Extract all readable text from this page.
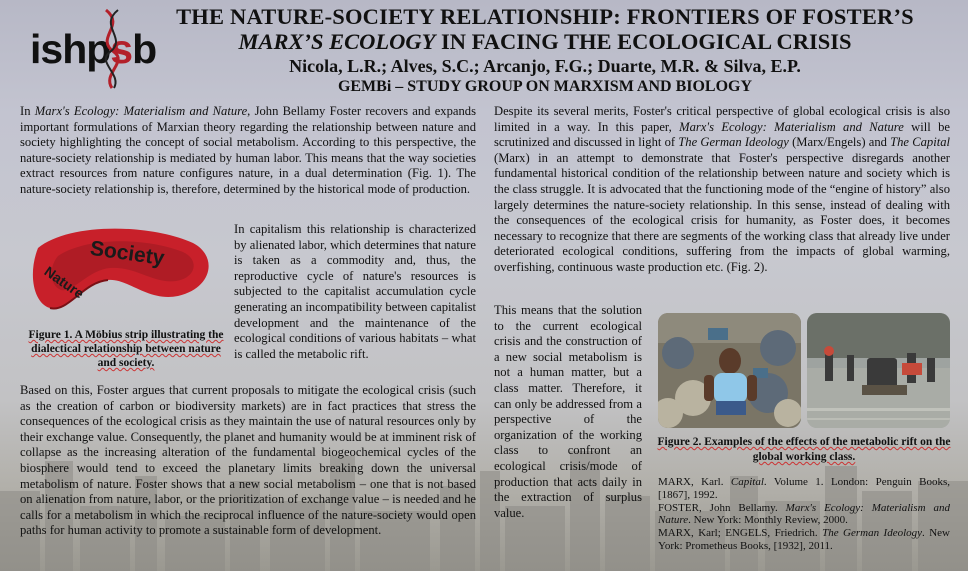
ishpsb
THE NATURE-SOCIETY RELATIONSHIP: FRONTIERS OF FOSTER’S
MARX’S ECOLOGY IN FACING THE ECOLOGICAL CRISIS
Nicola, L.R.; Alves, S.C.; Arcanjo, F.G.; Duarte, M.R. & Silva, E.P.
GEMBi – STUDY GROUP ON MARXISM AND BIOLOGY
In Marx's Ecology: Materialism and Nature, John Bellamy Foster recovers and expands important formulations of Marxian theory regarding the relationship between nature and society highlighting the concept of social metabolism. According to this perspective, the nature-society relationship is mediated by human labor. This means that the way societies extract resources from nature configures nature, in a dual determination (Fig. 1). The nature-society relationship is, therefore, determined by the historical mode of production.
Society
Nature
Figure 1. A Möbius strip illustrating the dialectical relationship between nature and society.
In capitalism this relationship is characterized by alienated labor, which determines that nature is taken as a commodity and, thus, the reproductive cycle of nature's resources is subjected to the capitalist accumulation cycle generating an incompatibility between capitalist development and the maintenance of the ecological conditions of various habitats – what is called the metabolic rift.
Based on this, Foster argues that current proposals to mitigate the ecological crisis (such as the creation of carbon or biodiversity markets) are in fact practices that stress the consequences of the ecological crisis as they maintain the use of natural resources only by their exchange value. Consequently, the planet and humanity would be at imminent risk of collapse as the increasing alteration of the fundamental biogeochemical cycles of the biosphere would tend to exceed the planetary limits breaking down the universal metabolism of nature. Foster shows that a new social metabolism – one that is not based on alienation from nature, labor, or the prioritization of exchange value – is needed and he calls for a metabolism in which the reciprocal influence of the nature-society would open paths for human activity to promote a sustainable form of development.
Despite its several merits, Foster's critical perspective of global ecological crisis is also limited in a way. In this paper, Marx's Ecology: Materialism and Nature will be scrutinized and discussed in light of The German Ideology (Marx/Engels) and The Capital (Marx) in an attempt to demonstrate that Foster's perspective disregards another fundamental historical condition of the relationship between nature and society which is the class struggle. It is advocated that the functioning mode of the “engine of history” also largely determines the nature-society relationship. In this sense, instead of dealing with the consequences of the ecological crisis for humanity, as Foster does, it becomes necessary to recognize that there are segments of the working class that already live under deteriorated ecological conditions, suffering from the impacts of global warming, overfishing, continuous waste production etc. (Fig. 2).
This means that the solution to the current ecological crisis and the construction of a new social metabolism is not a human matter, but a class matter. Therefore, it can only be addressed from a perspective of the organization of the working class to confront an ecological crisis/mode of production that acts daily in the extraction of surplus value.
Figure 2. Examples of the effects of the metabolic rift on the global working class.
MARX, Karl. Capital. Volume 1. London: Penguin Books, [1867], 1992.
FOSTER, John Bellamy. Marx's Ecology: Materialism and Nature. New York: Monthly Review, 2000.
MARX, Karl; ENGELS, Friedrich. The German Ideology. New York: Prometheus Books, [1932], 2011.
